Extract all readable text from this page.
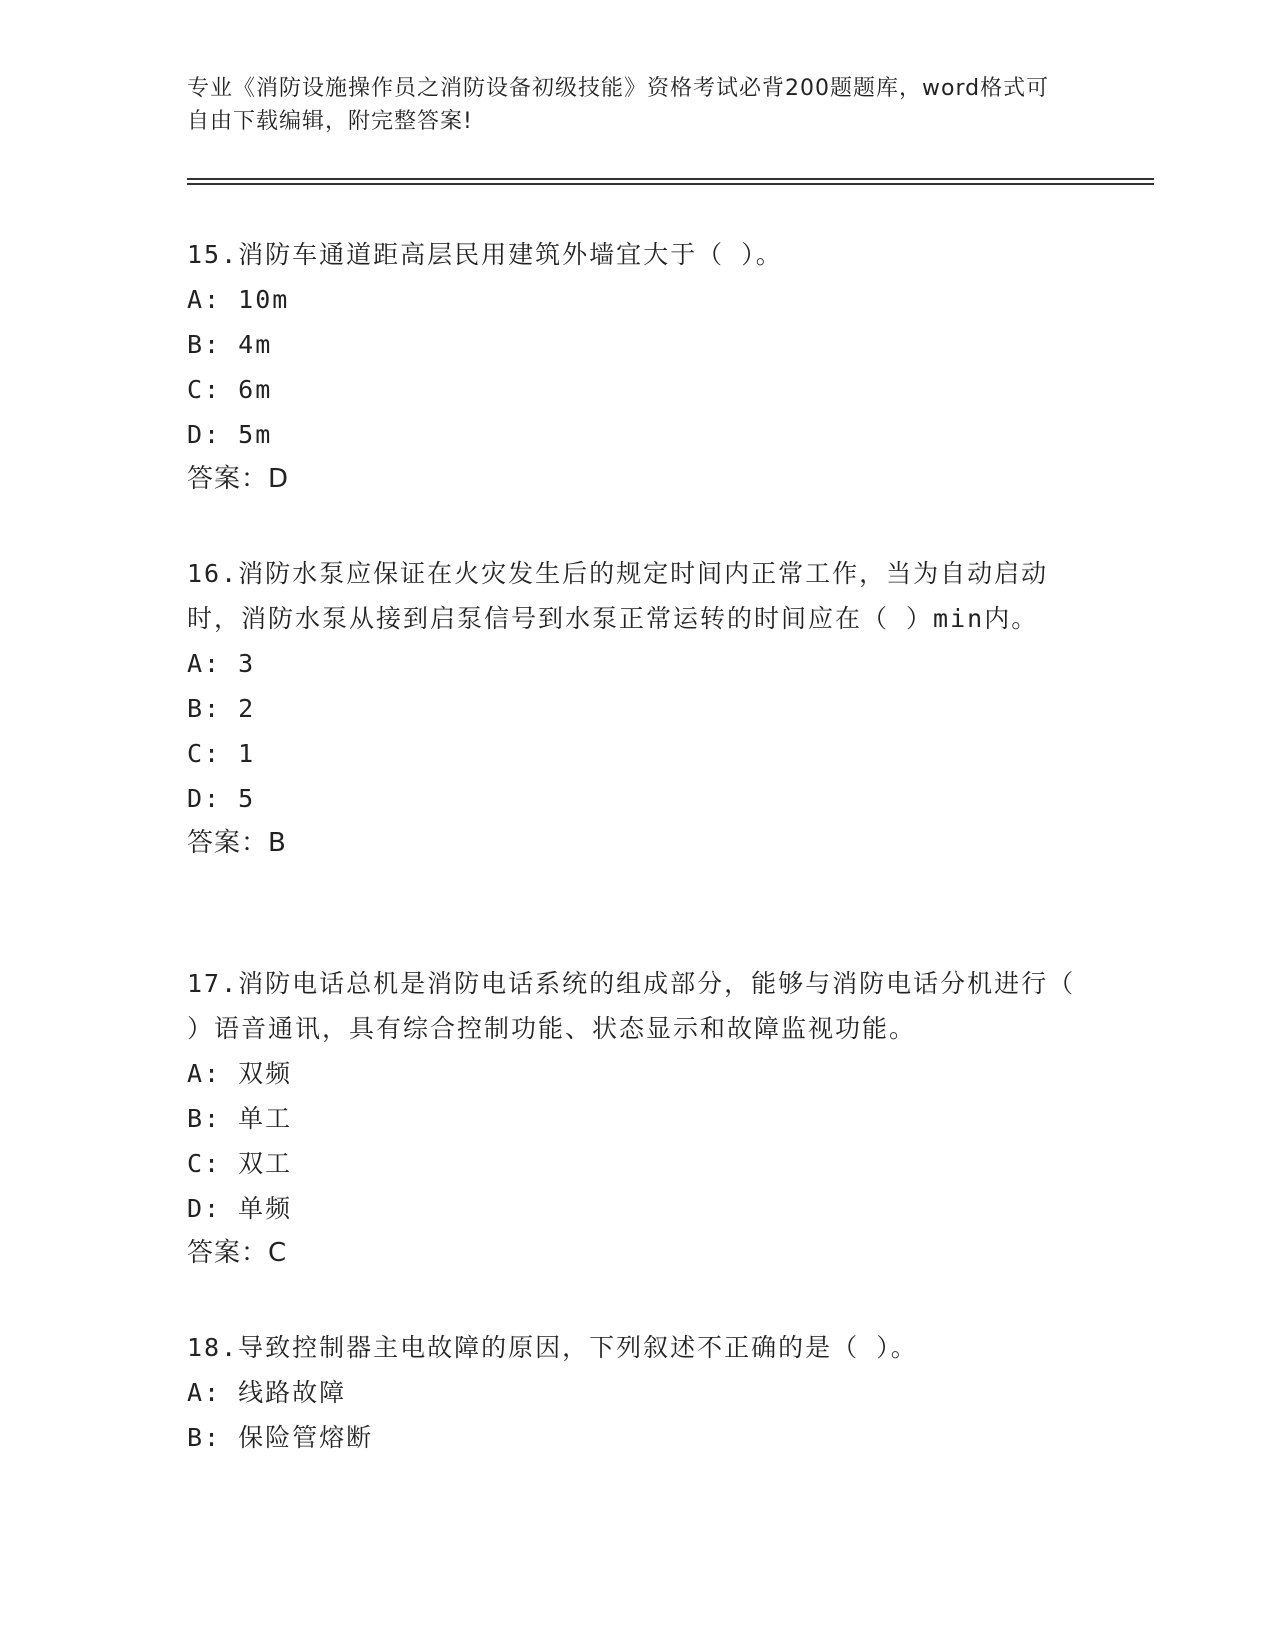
专业《消防设施操作员之消防设备初级技能》资格考试必背200题题库，word格式可自由下载编辑，附完整答案!

15.消防车通道距高层民用建筑外墙宜大于（ ）。

A: 10m

B: 4m

C: 6m

D: 5m

答案：D

16.消防水泵应保证在火灾发生后的规定时间内正常工作，当为自动启动时，消防水泵从接到启泵信号到水泵正常运转的时间应在（ ）min内。

A: 3

B: 2

C: 1

D: 5

答案：B

17.消防电话总机是消防电话系统的组成部分，能够与消防电话分机进行（ ）语音通讯，具有综合控制功能、状态显示和故障监视功能。

A: 双频

B: 单工

C: 双工

D: 单频

答案：C

18.导致控制器主电故障的原因，下列叙述不正确的是（ ）。

A: 线路故障

B: 保险管熔断
